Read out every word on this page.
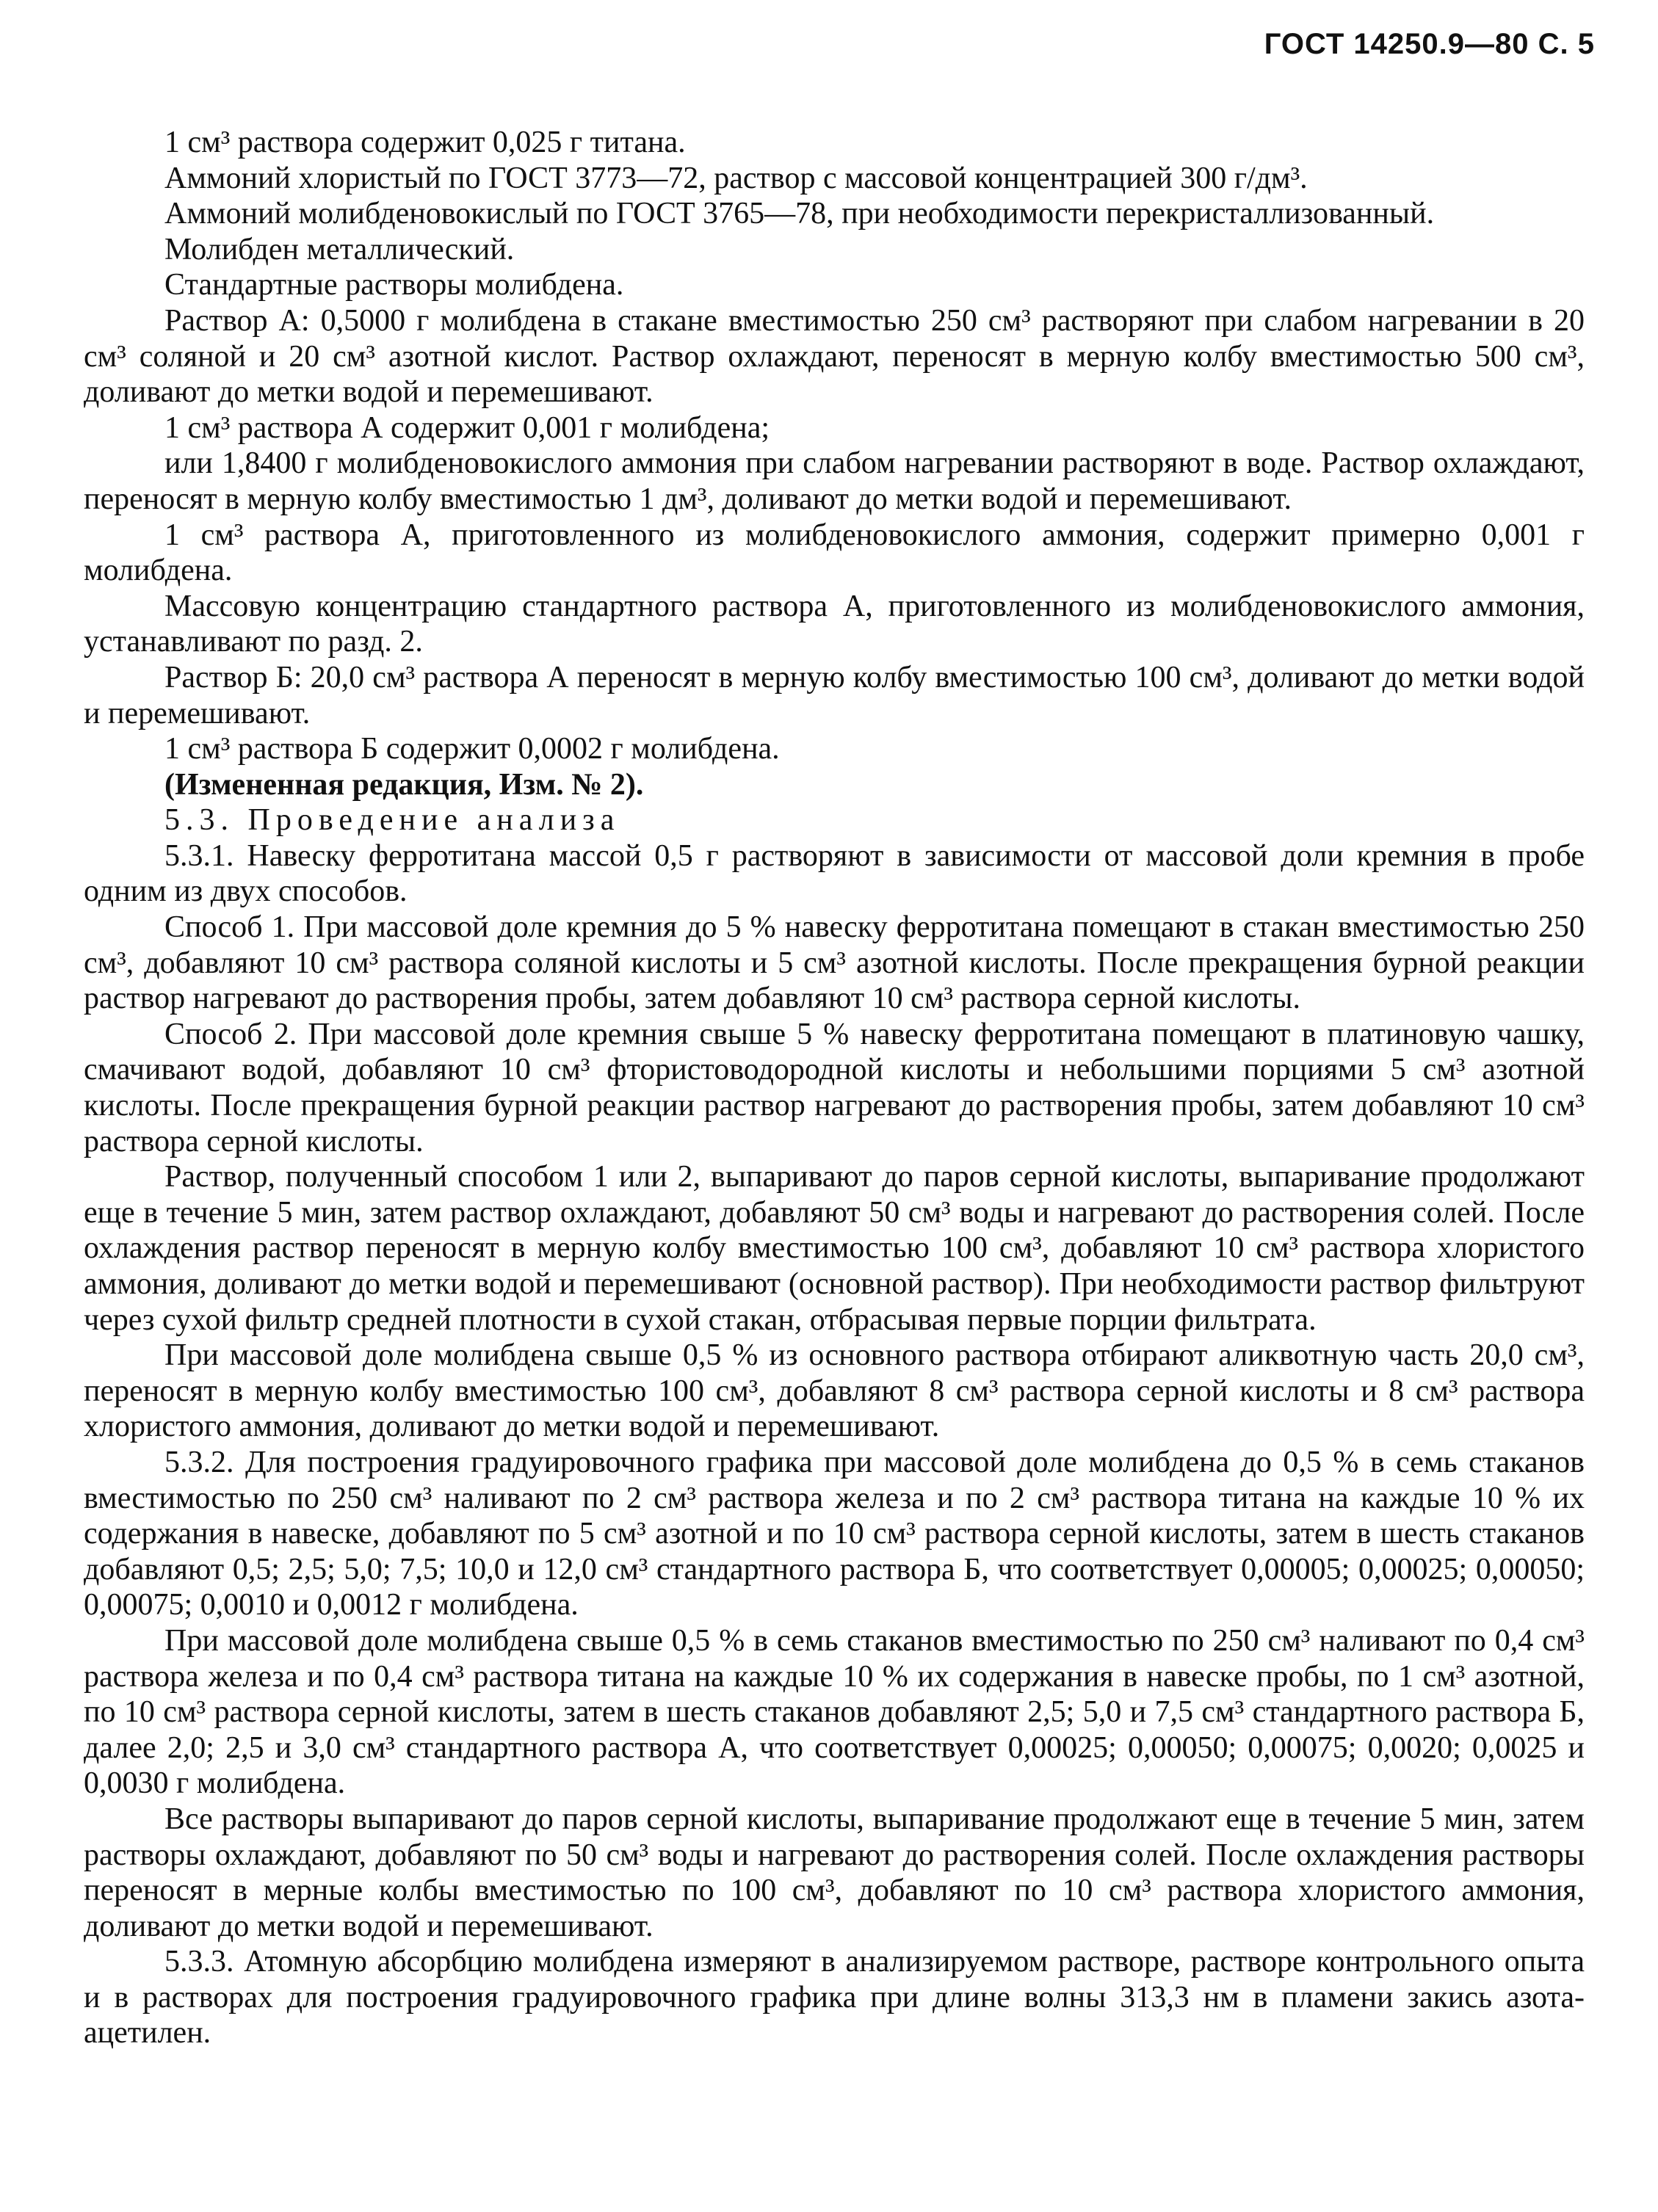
ГОСТ 14250.9—80 С. 5

1 см³ раствора содержит 0,025 г титана.

Аммоний хлористый по ГОСТ 3773—72, раствор с массовой концентрацией 300 г/дм³.

Аммоний молибденовокислый по ГОСТ 3765—78, при необходимости перекристаллизованный.

Молибден металлический.

Стандартные растворы молибдена.

Раствор А: 0,5000 г молибдена в стакане вместимостью 250 см³ растворяют при слабом нагревании в 20 см³ соляной и 20 см³ азотной кислот. Раствор охлаждают, переносят в мерную колбу вместимостью 500 см³, доливают до метки водой и перемешивают.

1 см³ раствора А содержит 0,001 г молибдена;

или 1,8400 г молибденовокислого аммония при слабом нагревании растворяют в воде. Раствор охлаждают, переносят в мерную колбу вместимостью 1 дм³, доливают до метки водой и перемешивают.

1 см³ раствора А, приготовленного из молибденовокислого аммония, содержит примерно 0,001 г молибдена.

Массовую концентрацию стандартного раствора А, приготовленного из молибденовокислого аммония, устанавливают по разд. 2.

Раствор Б: 20,0 см³ раствора А переносят в мерную колбу вместимостью 100 см³, доливают до метки водой и перемешивают.

1 см³ раствора Б содержит 0,0002 г молибдена.

(Измененная редакция, Изм. № 2).

5.3. Проведение анализа

5.3.1. Навеску ферротитана массой 0,5 г растворяют в зависимости от массовой доли кремния в пробе одним из двух способов.

Способ 1. При массовой доле кремния до 5 % навеску ферротитана помещают в стакан вместимостью 250 см³, добавляют 10 см³ раствора соляной кислоты и 5 см³ азотной кислоты. После прекращения бурной реакции раствор нагревают до растворения пробы, затем добавляют 10 см³ раствора серной кислоты.

Способ 2. При массовой доле кремния свыше 5 % навеску ферротитана помещают в платиновую чашку, смачивают водой, добавляют 10 см³ фтористоводородной кислоты и небольшими порциями 5 см³ азотной кислоты. После прекращения бурной реакции раствор нагревают до растворения пробы, затем добавляют 10 см³ раствора серной кислоты.

Раствор, полученный способом 1 или 2, выпаривают до паров серной кислоты, выпаривание продолжают еще в течение 5 мин, затем раствор охлаждают, добавляют 50 см³ воды и нагревают до растворения солей. После охлаждения раствор переносят в мерную колбу вместимостью 100 см³, добавляют 10 см³ раствора хлористого аммония, доливают до метки водой и перемешивают (основной раствор). При необходимости раствор фильтруют через сухой фильтр средней плотности в сухой стакан, отбрасывая первые порции фильтрата.

При массовой доле молибдена свыше 0,5 % из основного раствора отбирают аликвотную часть 20,0 см³, переносят в мерную колбу вместимостью 100 см³, добавляют 8 см³ раствора серной кислоты и 8 см³ раствора хлористого аммония, доливают до метки водой и перемешивают.

5.3.2. Для построения градуировочного графика при массовой доле молибдена до 0,5 % в семь стаканов вместимостью по 250 см³ наливают по 2 см³ раствора железа и по 2 см³ раствора титана на каждые 10 % их содержания в навеске, добавляют по 5 см³ азотной и по 10 см³ раствора серной кислоты, затем в шесть стаканов добавляют 0,5; 2,5; 5,0; 7,5; 10,0 и 12,0 см³ стандартного раствора Б, что соответствует 0,00005; 0,00025; 0,00050; 0,00075; 0,0010 и 0,0012 г молибдена.

При массовой доле молибдена свыше 0,5 % в семь стаканов вместимостью по 250 см³ наливают по 0,4 см³ раствора железа и по 0,4 см³ раствора титана на каждые 10 % их содержания в навеске пробы, по 1 см³ азотной, по 10 см³ раствора серной кислоты, затем в шесть стаканов добавляют 2,5; 5,0 и 7,5 см³ стандартного раствора Б, далее 2,0; 2,5 и 3,0 см³ стандартного раствора А, что соответствует 0,00025; 0,00050; 0,00075; 0,0020; 0,0025 и 0,0030 г молибдена.

Все растворы выпаривают до паров серной кислоты, выпаривание продолжают еще в течение 5 мин, затем растворы охлаждают, добавляют по 50 см³ воды и нагревают до растворения солей. После охлаждения растворы переносят в мерные колбы вместимостью по 100 см³, добавляют по 10 см³ раствора хлористого аммония, доливают до метки водой и перемешивают.

5.3.3. Атомную абсорбцию молибдена измеряют в анализируемом растворе, растворе контрольного опыта и в растворах для построения градуировочного графика при длине волны 313,3 нм в пламени закись азота-ацетилен.
